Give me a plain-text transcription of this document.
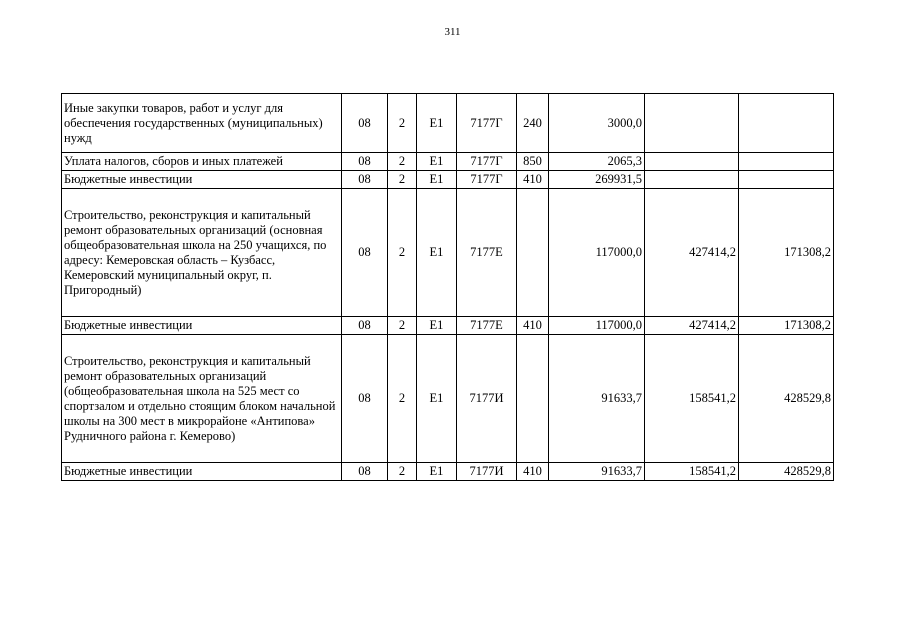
311
Иные закупки товаров, работ и услуг для обеспечения государственных (муниципальных) нужд	08	2	E1	7177Г	240	3000,0		
Уплата налогов, сборов и иных платежей	08	2	E1	7177Г	850	2065,3		
Бюджетные инвестиции	08	2	E1	7177Г	410	269931,5		
Строительство, реконструкция и капитальный ремонт образовательных организаций (основная общеобразовательная школа на 250 учащихся, по адресу: Кемеровская область – Кузбасс, Кемеровский муниципальный округ, п. Пригородный)	08	2	E1	7177Е		117000,0	427414,2	171308,2
Бюджетные инвестиции	08	2	E1	7177Е	410	117000,0	427414,2	171308,2
Строительство, реконструкция и капитальный ремонт образовательных организаций (общеобразовательная школа на 525 мест со спортзалом и отдельно стоящим блоком начальной школы на 300 мест в микрорайоне «Антипова» Рудничного района г. Кемерово)	08	2	E1	7177И		91633,7	158541,2	428529,8
Бюджетные инвестиции	08	2	E1	7177И	410	91633,7	158541,2	428529,8
